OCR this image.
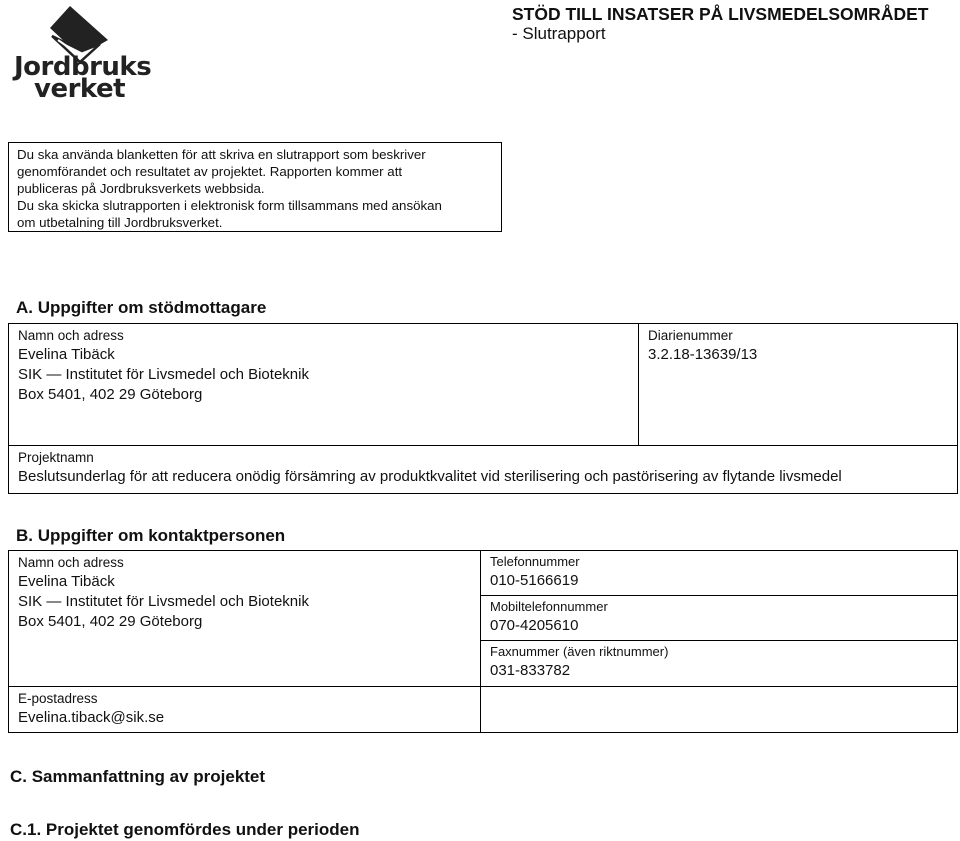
Jordbruks
verket
STÖD TILL INSATSER PÅ LIVSMEDELSOMRÅDET
- Slutrapport

Du ska använda blanketten för att skriva en slutrapport som beskriver

genomförandet och resultatet av projektet. Rapporten kommer att

publiceras på Jordbruksverkets webbsida.

Du ska skicka slutrapporten i elektronisk form tillsammans med ansökan

om utbetalning till Jordbruksverket.

A. Uppgifter om stödmottagare
Namn och adress
Evelina Tibäck
SIK — Institutet för Livsmedel och Bioteknik
Box 5401, 402 29 Göteborg
Diarienummer
3.2.18-13639/13
Projektnamn
Beslutsunderlag för att reducera onödig försämring av produktkvalitet vid sterilisering och pastörisering av flytande livsmedel
B. Uppgifter om kontaktpersonen
Namn och adress
Evelina Tibäck
SIK — Institutet för Livsmedel och Bioteknik
Box 5401, 402 29 Göteborg
E-postadress
Evelina.tiback@sik.se
Telefonnummer
010-5166619
Mobiltelefonnummer
070-4205610
Faxnummer (även riktnummer)
031-833782
C. Sammanfattning av projektet
C.1. Projektet genomfördes under perioden
